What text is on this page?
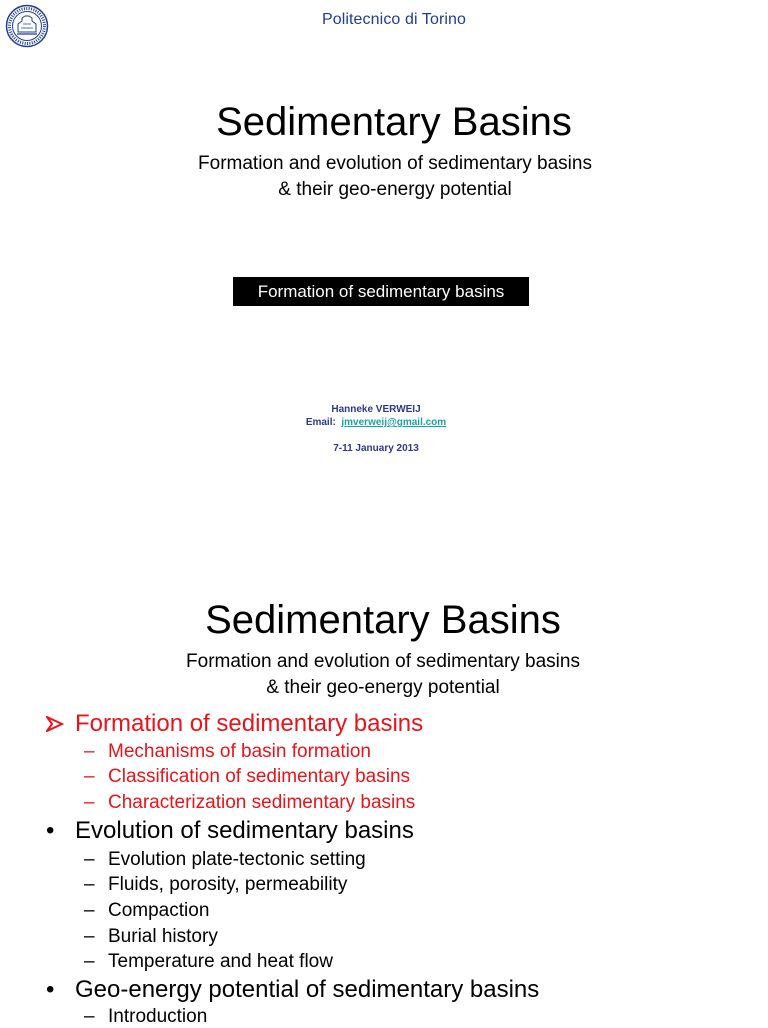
Politecnico di Torino
Sedimentary Basins
Formation and evolution of sedimentary basins
& their geo-energy potential
Formation of sedimentary basins
Hanneke VERWEIJ
Email: jmverweij@gmail.com
7-11 January 2013
Sedimentary Basins
Formation and evolution of sedimentary basins
& their geo-energy potential
Formation of sedimentary basins
– Mechanisms of basin formation
– Classification of sedimentary basins
– Characterization sedimentary basins
• Evolution of sedimentary basins
– Evolution plate-tectonic setting
– Fluids, porosity, permeability
– Compaction
– Burial history
– Temperature and heat flow
• Geo-energy potential of sedimentary basins
– Introduction
